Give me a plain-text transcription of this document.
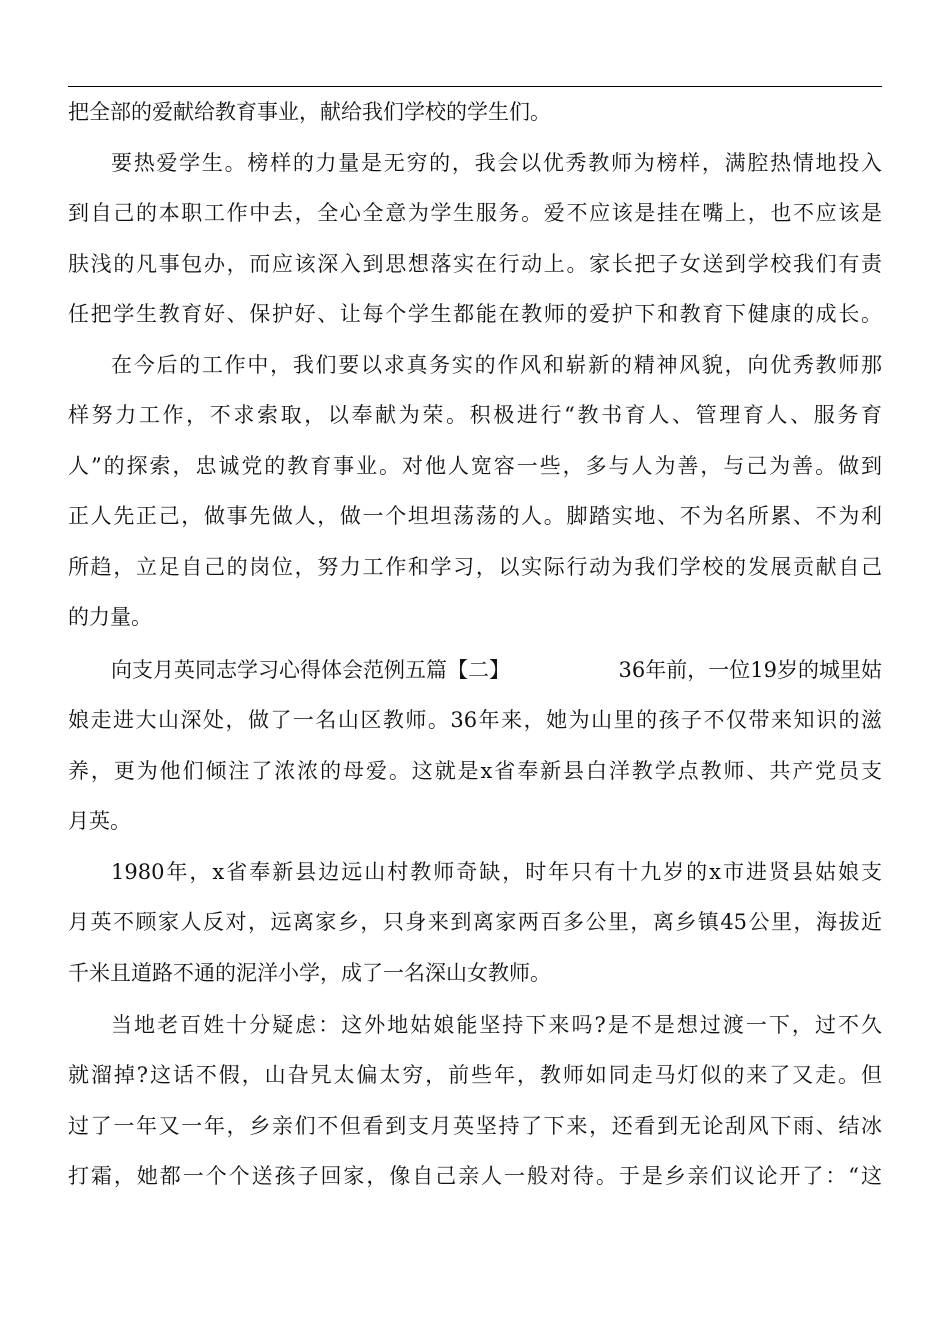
把全部的爱献给教育事业，献给我们学校的学生们。
要热爱学生。榜样的力量是无穷的，我会以优秀教师为榜样，满腔热情地投入
到自己的本职工作中去，全心全意为学生服务。爱不应该是挂在嘴上，也不应该是
肤浅的凡事包办，而应该深入到思想落实在行动上。家长把子女送到学校我们有责
任把学生教育好、保护好、让每个学生都能在教师的爱护下和教育下健康的成长。
在今后的工作中，我们要以求真务实的作风和崭新的精神风貌，向优秀教师那
样努力工作，不求索取，以奉献为荣。积极进行“教书育人、管理育人、服务育
人”的探索，忠诚党的教育事业。对他人宽容一些，多与人为善，与己为善。做到
正人先正己，做事先做人，做一个坦坦荡荡的人。脚踏实地、不为名所累、不为利
所趋，立足自己的岗位，努力工作和学习，以实际行动为我们学校的发展贡献自己
的力量。
向支月英同志学习心得体会范例五篇【二】	36年前，一位19岁的城里姑
娘走进大山深处，做了一名山区教师。36年来，她为山里的孩子不仅带来知识的滋
养，更为他们倾注了浓浓的母爱。这就是x省奉新县白洋教学点教师、共产党员支
月英。
1980年，x省奉新县边远山村教师奇缺，时年只有十九岁的x市进贤县姑娘支
月英不顾家人反对，远离家乡，只身来到离家两百多公里，离乡镇45公里，海拔近
千米且道路不通的泥洋小学，成了一名深山女教师。
当地老百姓十分疑虑：这外地姑娘能坚持下来吗?是不是想过渡一下，过不久
就溜掉?这话不假，山旮旯太偏太穷，前些年，教师如同走马灯似的来了又走。但
过了一年又一年，乡亲们不但看到支月英坚持了下来，还看到无论刮风下雨、结冰
打霜，她都一个个送孩子回家，像自己亲人一般对待。于是乡亲们议论开了：“这
